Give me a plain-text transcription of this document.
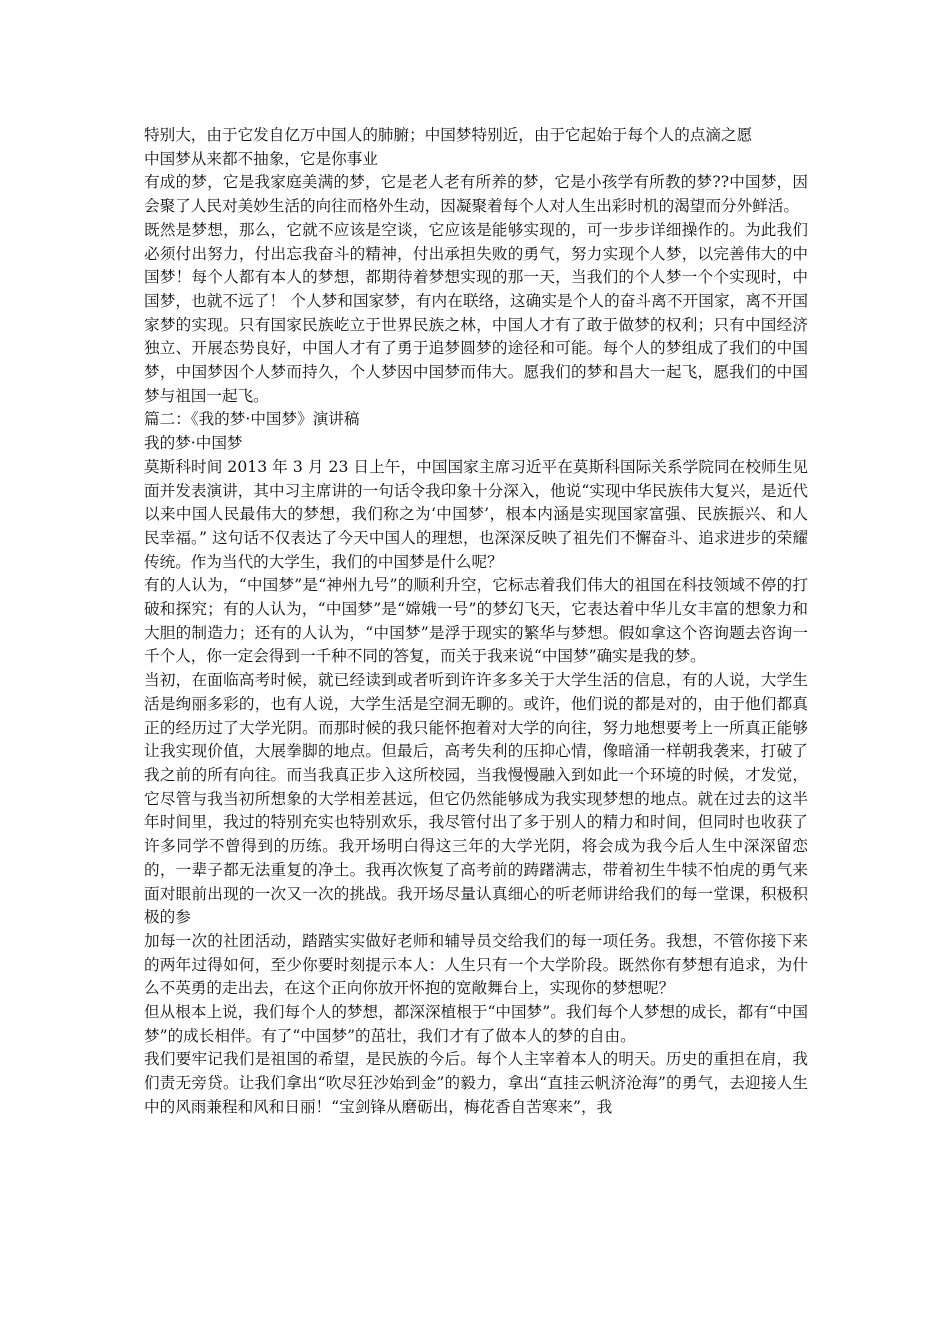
特别大，由于它发自亿万中国人的肺腑；中国梦特别近，由于它起始于每个人的点滴之愿

中国梦从来都不抽象，它是你事业

有成的梦，它是我家庭美满的梦，它是老人老有所养的梦，它是小孩学有所教的梦??中国梦，因会聚了人民对美妙生活的向往而格外生动，因凝聚着每个人对人生出彩时机的渴望而分外鲜活。

既然是梦想，那么，它就不应该是空谈，它应该是能够实现的，可一步步详细操作的。为此我们必须付出努力，付出忘我奋斗的精神，付出承担失败的勇气，努力实现个人梦，以完善伟大的中国梦！每个人都有本人的梦想，都期待着梦想实现的那一天，当我们的个人梦一个个实现时，中国梦，也就不远了！ 个人梦和国家梦，有内在联络，这确实是个人的奋斗离不开国家，离不开国家梦的实现。只有国家民族屹立于世界民族之林，中国人才有了敢于做梦的权利；只有中国经济独立、开展态势良好，中国人才有了勇于追梦圆梦的途径和可能。每个人的梦组成了我们的中国梦，中国梦因个人梦而持久，个人梦因中国梦而伟大。愿我们的梦和昌大一起飞，愿我们的中国梦与祖国一起飞。

篇二：《我的梦·中国梦》演讲稿

我的梦·中国梦

莫斯科时间 2013 年 3 月 23 日上午，中国国家主席习近平在莫斯科国际关系学院同在校师生见面并发表演讲，其中习主席讲的一句话令我印象十分深入，他说“实现中华民族伟大复兴，是近代以来中国人民最伟大的梦想，我们称之为‘中国梦’，根本内涵是实现国家富强、民族振兴、和人民幸福。” 这句话不仅表达了今天中国人的理想，也深深反映了祖先们不懈奋斗、追求进步的荣耀传统。作为当代的大学生，我们的中国梦是什么呢？

有的人认为，“中国梦”是“神州九号”的顺利升空，它标志着我们伟大的祖国在科技领域不停的打破和探究；有的人认为，“中国梦”是“嫦娥一号”的梦幻飞天，它表达着中华儿女丰富的想象力和大胆的制造力；还有的人认为，“中国梦”是浮于现实的繁华与梦想。假如拿这个咨询题去咨询一千个人，你一定会得到一千种不同的答复，而关于我来说“中国梦”确实是我的梦。

当初，在面临高考时候，就已经读到或者听到许许多多关于大学生活的信息，有的人说，大学生活是绚丽多彩的，也有人说，大学生活是空洞无聊的。或许，他们说的都是对的，由于他们都真正的经历过了大学光阴。而那时候的我只能怀抱着对大学的向往，努力地想要考上一所真正能够让我实现价值，大展拳脚的地点。但最后，高考失利的压抑心情，像暗涌一样朝我袭来，打破了我之前的所有向往。而当我真正步入这所校园，当我慢慢融入到如此一个环境的时候，才发觉，它尽管与我当初所想象的大学相差甚远，但它仍然能够成为我实现梦想的地点。就在过去的这半年时间里，我过的特别充实也特别欢乐，我尽管付出了多于别人的精力和时间，但同时也收获了许多同学不曾得到的历练。我开场明白得这三年的大学光阴，将会成为我今后人生中深深留恋的，一辈子都无法重复的净土。我再次恢复了高考前的踌躇满志，带着初生牛犊不怕虎的勇气来面对眼前出现的一次又一次的挑战。我开场尽量认真细心的听老师讲给我们的每一堂课，积极积极的参

加每一次的社团活动，踏踏实实做好老师和辅导员交给我们的每一项任务。我想，不管你接下来的两年过得如何，至少你要时刻提示本人：人生只有一个大学阶段。既然你有梦想有追求，为什么不英勇的走出去，在这个正向你放开怀抱的宽敞舞台上，实现你的梦想呢？

但从根本上说，我们每个人的梦想，都深深植根于“中国梦”。我们每个人梦想的成长，都有“中国梦”的成长相伴。有了“中国梦”的茁壮，我们才有了做本人的梦的自由。

我们要牢记我们是祖国的希望，是民族的今后。每个人主宰着本人的明天。历史的重担在肩，我们责无旁贷。让我们拿出“吹尽狂沙始到金”的毅力，拿出“直挂云帆济沧海”的勇气，去迎接人生中的风雨兼程和风和日丽！“宝剑锋从磨砺出，梅花香自苦寒来”，我
